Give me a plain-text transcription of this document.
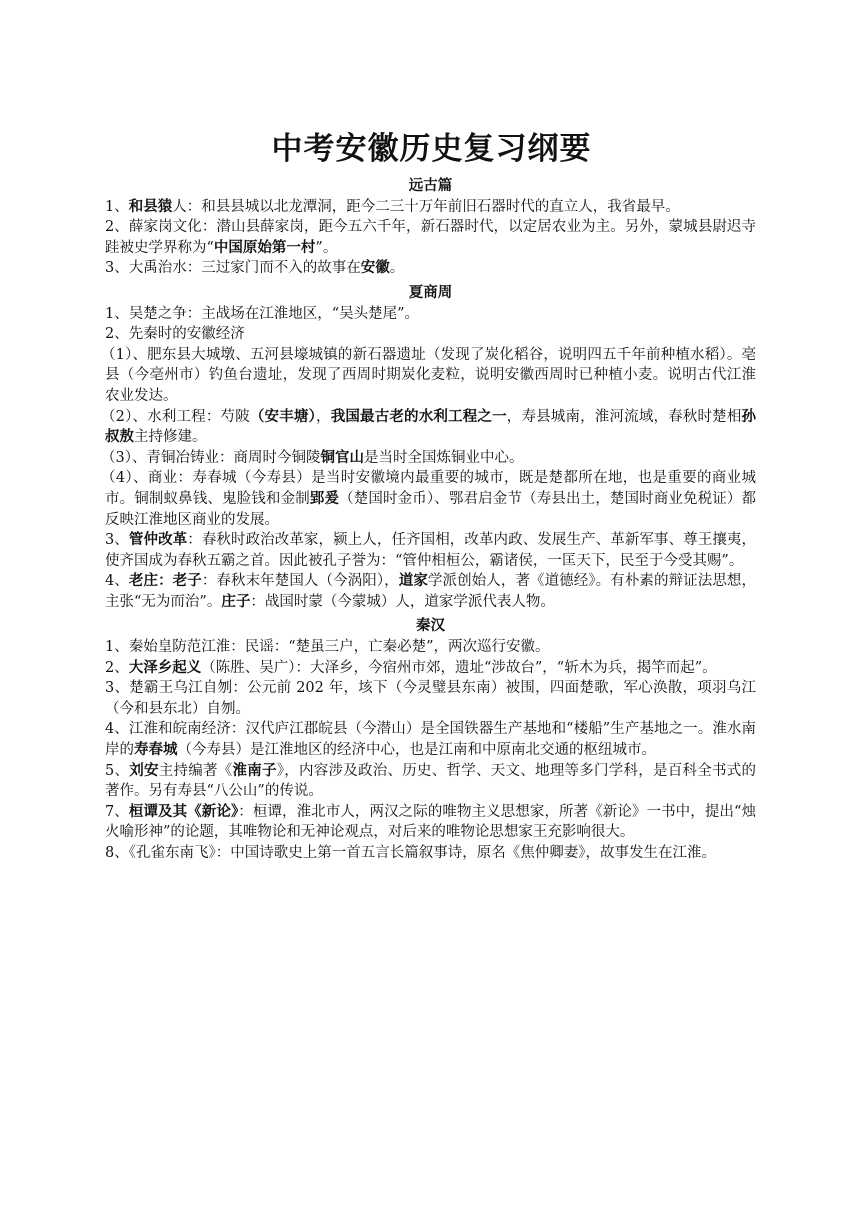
中考安徽历史复习纲要
远古篇

1、和县猿人：和县县城以北龙潭洞，距今二三十万年前旧石器时代的直立人，我省最早。

2、薛家岗文化：潜山县薛家岗，距今五六千年，新石器时代，以定居农业为主。另外，蒙城县尉迟寺跬被史学界称为“中国原始第一村”。

3、大禹治水：三过家门而不入的故事在安徽。

夏商周

1、吴楚之争：主战场在江淮地区，“吴头楚尾”。

2、先秦时的安徽经济

（1）、肥东县大城墩、五河县壕城镇的新石器遗址（发现了炭化稻谷，说明四五千年前种植水稻）。亳县（今亳州市）钓鱼台遗址，发现了西周时期炭化麦粒，说明安徽西周时已种植小麦。说明古代江淮农业发达。

（2）、水利工程：芍陂（安丰塘），我国最古老的水利工程之一，寿县城南，淮河流域，春秋时楚相孙叔敖主持修建。

（3）、青铜冶铸业：商周时今铜陵铜官山是当时全国炼铜业中心。

（4）、商业：寿春城（今寿县）是当时安徽境内最重要的城市，既是楚都所在地，也是重要的商业城市。铜制蚁鼻钱、鬼脸钱和金制郢爰（楚国时金币）、鄂君启金节（寿县出土，楚国时商业免税证）都反映江淮地区商业的发展。

3、管仲改革：春秋时政治改革家，颍上人，任齐国相，改革内政、发展生产、革新军事、尊王攘夷，使齐国成为春秋五霸之首。因此被孔子誉为：“管仲相桓公，霸诸侯，一匡天下，民至于今受其赐”。

4、老庄：老子：春秋末年楚国人（今涡阳），道家学派创始人，著《道德经》。有朴素的辩证法思想，主张“无为而治”。庄子：战国时蒙（今蒙城）人，道家学派代表人物。

秦汉

1、秦始皇防范江淮：民谣：“楚虽三户，亡秦必楚”，两次巡行安徽。

2、大泽乡起义（陈胜、吴广）：大泽乡，今宿州市郊，遗址“涉故台”，“斩木为兵，揭竿而起”。

3、楚霸王乌江自刎：公元前 202 年，垓下（今灵璧县东南）被围，四面楚歌，军心涣散，项羽乌江（今和县东北）自刎。

4、江淮和皖南经济：汉代庐江郡皖县（今潜山）是全国铁器生产基地和“楼船”生产基地之一。淮水南岸的寿春城（今寿县）是江淮地区的经济中心，也是江南和中原南北交通的枢纽城市。

5、刘安主持编著《淮南子》，内容涉及政治、历史、哲学、天文、地理等多门学科，是百科全书式的著作。另有寿县“八公山”的传说。

7、桓谭及其《新论》：桓谭，淮北市人，两汉之际的唯物主义思想家，所著《新论》一书中，提出“烛火喻形神”的论题，其唯物论和无神论观点，对后来的唯物论思想家王充影响很大。

8、《孔雀东南飞》：中国诗歌史上第一首五言长篇叙事诗，原名《焦仲卿妻》，故事发生在江淮。
